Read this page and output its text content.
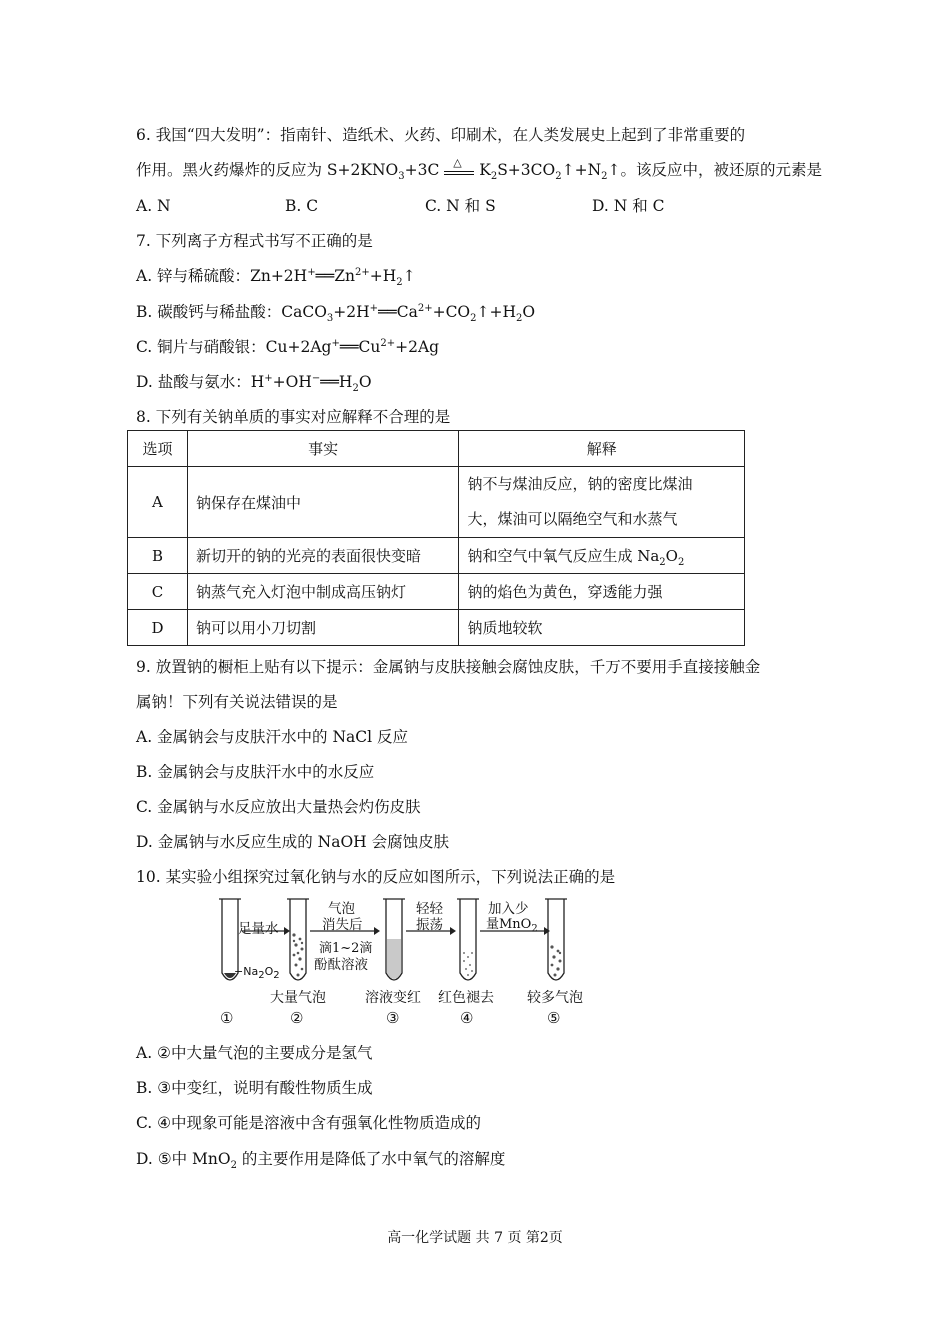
6. 我国“四大发明”：指南针、造纸术、火药、印刷术，在人类发展史上起到了非常重要的
作用。黑火药爆炸的反应为 $S+2KNO_3+3C$ △ $K_2S+3CO_2↑+N_2↑$。该反应中，被还原的元素是
A. N	B. C	C. N 和 S	D. N 和 C
7. 下列离子方程式书写不正确的是
A. 锌与稀硫酸：$Zn+2H^+══Zn^{2+}+H_2↑$
B. 碳酸钙与稀盐酸：$CaCO_3+2H^+══Ca^{2+}+CO_2↑+H_2O$
C. 铜片与硝酸银：$Cu+2Ag^+══Cu^{2+}+2Ag$
D. 盐酸与氨水：$H^++OH^-══H_2O$
8. 下列有关钠单质的事实对应解释不合理的是
选项	事实	解释
A	钠保存在煤油中	钠不与煤油反应，钠的密度比煤油
大，煤油可以隔绝空气和水蒸气

B	新切开的钠的光亮的表面很快变暗	钠和空气中氧气反应生成 $Na_2O_2$
C	钠蒸气充入灯泡中制成高压钠灯	钠的焰色为黄色，穿透能力强
D	钠可以用小刀切割	钠质地较软
9. 放置钠的橱柜上贴有以下提示：金属钠与皮肤接触会腐蚀皮肤，千万不要用手直接接触金
属钠！下列有关说法错误的是
A. 金属钠会与皮肤汗水中的 NaCl 反应
B. 金属钠会与皮肤汗水中的水反应
C. 金属钠与水反应放出大量热会灼伤皮肤
D. 金属钠与水反应生成的 NaOH 会腐蚀皮肤
10. 某实验小组探究过氧化钠与水的反应如图所示，下列说法正确的是
足量水
$-Na_2O_2$
气泡
消失后
滴1~2滴
酚酞溶液
轻轻
振荡
加入少
量MnO$_2$
大量气泡	溶液变红 红色褪去 较多气泡
①	②	③	④	⑤
A. ②中大量气泡的主要成分是氢气
B. ③中变红，说明有酸性物质生成
C. ④中现象可能是溶液中含有强氧化性物质造成的
D. ⑤中 MnO$_2$ 的主要作用是降低了水中氧气的溶解度
高一化学试题 共 7 页 第2页
